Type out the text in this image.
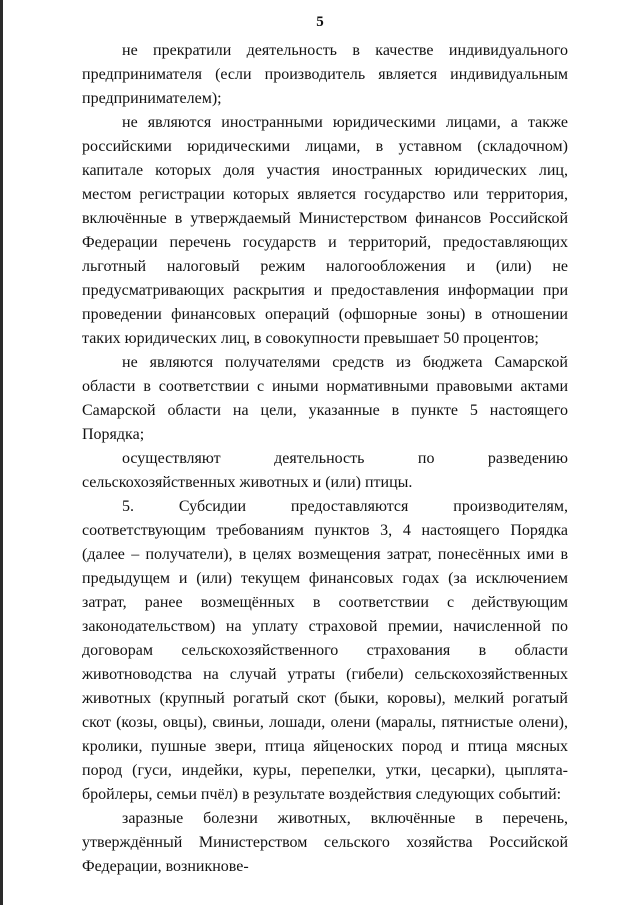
5

не прекратили деятельность в качестве индивидуального предпринимателя (если производитель является индивидуальным предпринимателем);

не являются иностранными юридическими лицами, а также российскими юридическими лицами, в уставном (складочном) капитале которых доля участия иностранных юридических лиц, местом регистрации которых является государство или территория, включённые в утверждаемый Министерством финансов Российской Федерации перечень государств и территорий, предоставляющих льготный налоговый режим налогообложения и (или) не предусматривающих раскрытия и предоставления информации при проведении финансовых операций (офшорные зоны) в отношении таких юридических лиц, в совокупности превышает 50 процентов;

не являются получателями средств из бюджета Самарской области в соответствии с иными нормативными правовыми актами Самарской области на цели, указанные в пункте 5 настоящего Порядка;

осуществляют деятельность по разведению сельскохозяйственных животных и (или) птицы.

5. Субсидии предоставляются производителям, соответствующим требованиям пунктов 3, 4 настоящего Порядка (далее – получатели), в целях возмещения затрат, понесённых ими в предыдущем и (или) текущем финансовых годах (за исключением затрат, ранее возмещённых в соответствии с действующим законодательством) на уплату страховой премии, начисленной по договорам сельскохозяйственного страхования в области животноводства на случай утраты (гибели) сельскохозяйственных животных (крупный рогатый скот (быки, коровы), мелкий рогатый скот (козы, овцы), свиньи, лошади, олени (маралы, пятнистые олени), кролики, пушные звери, птица яйценоских пород и птица мясных пород (гуси, индейки, куры, перепелки, утки, цесарки), цыплята-бройлеры, семьи пчёл) в результате воздействия следующих событий:

заразные болезни животных, включённые в перечень, утверждённый Министерством сельского хозяйства Российской Федерации, возникнове-
